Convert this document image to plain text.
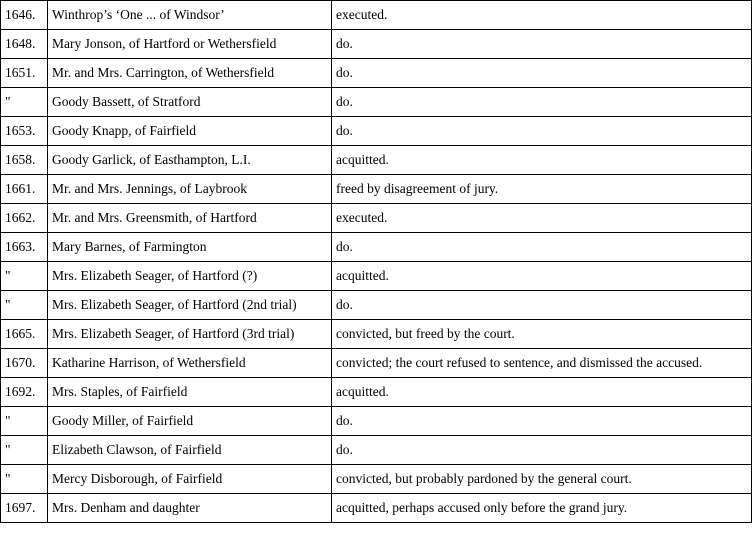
1646.	Winthrop’s ‘One ... of Windsor’	executed.
1648.	Mary Jonson, of Hartford or Wethersfield	do.
1651.	Mr. and Mrs. Carrington, of Wethersfield	do.
"	Goody Bassett, of Stratford	do.
1653.	Goody Knapp, of Fairfield	do.
1658.	Goody Garlick, of Easthampton, L.I.	acquitted.
1661.	Mr. and Mrs. Jennings, of Laybrook	freed by disagreement of jury.
1662.	Mr. and Mrs. Greensmith, of Hartford	executed.
1663.	Mary Barnes, of Farmington	do.
"	Mrs. Elizabeth Seager, of Hartford (?)	acquitted.
"	Mrs. Elizabeth Seager, of Hartford (2nd trial)	do.
1665.	Mrs. Elizabeth Seager, of Hartford (3rd trial)	convicted, but freed by the court.
1670.	Katharine Harrison, of Wethersfield	convicted; the court refused to sentence, and dismissed the accused.
1692.	Mrs. Staples, of Fairfield	acquitted.
"	Goody Miller, of Fairfield	do.
"	Elizabeth Clawson, of Fairfield	do.
"	Mercy Disborough, of Fairfield	convicted, but probably pardoned by the general court.
1697.	Mrs. Denham and daughter	acquitted, perhaps accused only before the grand jury.
